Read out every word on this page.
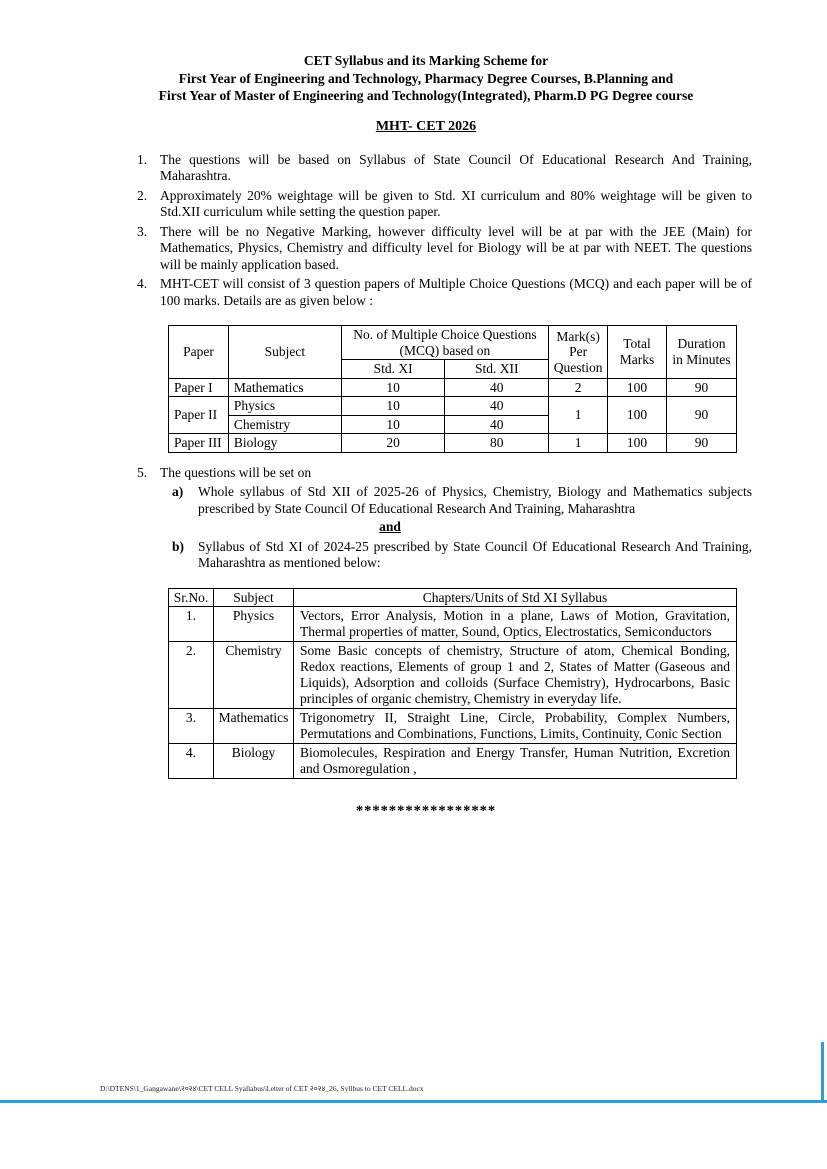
CET Syllabus and its Marking Scheme for
First Year of Engineering and Technology, Pharmacy Degree Courses, B.Planning and
First Year of Master of Engineering and Technology(Integrated), Pharm.D PG Degree course
MHT- CET 2026
1. The questions will be based on Syllabus of State Council Of Educational Research And Training, Maharashtra.
2. Approximately 20% weightage will be given to Std. XI curriculum and 80% weightage will be given to Std.XII curriculum while setting the question paper.
3. There will be no Negative Marking, however difficulty level will be at par with the JEE (Main) for Mathematics, Physics, Chemistry and difficulty level for Biology will be at par with NEET. The questions will be mainly application based.
4. MHT-CET will consist of 3 question papers of Multiple Choice Questions (MCQ) and each paper will be of 100 marks. Details are as given below :
Paper	Subject	No. of Multiple Choice Questions (MCQ) based on		Mark(s) Per Question	Total Marks	Duration in Minutes
		Std. XI	Std. XII			
Paper I	Mathematics	10	40	2	100	90
Paper II	Physics	10	40	1	100	90
	Chemistry	10	40			
Paper III	Biology	20	80	1	100	90
5. The questions will be set on
a)	Whole syllabus of Std XII of 2025-26 of Physics, Chemistry, Biology and Mathematics subjects prescribed by State Council Of Educational Research And Training, Maharashtra
and
b)	Syllabus of Std XI of 2024-25 prescribed by State Council Of Educational Research And Training, Maharashtra as mentioned below:
Sr.No.	Subject	Chapters/Units of Std XI Syllabus
1.	Physics	Vectors, Error Analysis, Motion in a plane, Laws of Motion, Gravitation, Thermal properties of matter, Sound, Optics, Electrostatics, Semiconductors
2.	Chemistry	Some Basic concepts of chemistry, Structure of atom, Chemical Bonding, Redox reactions, Elements of group 1 and 2, States of Matter (Gaseous and Liquids), Adsorption and colloids (Surface Chemistry), Hydrocarbons, Basic principles of organic chemistry, Chemistry in everyday life.
3.	Mathematics	Trigonometry II, Straight Line, Circle, Probability, Complex Numbers, Permutations and Combinations, Functions, Limits, Continuity, Conic Section
4.	Biology	Biomolecules, Respiration and Energy Transfer, Human Nutrition, Excretion and Osmoregulation ,
*****************
D:\DTENS\1_Gangawane\२०२४\CET CELL Syallabus\Letter of CET २०२४_26, Syllbus to CET CELL.docx
